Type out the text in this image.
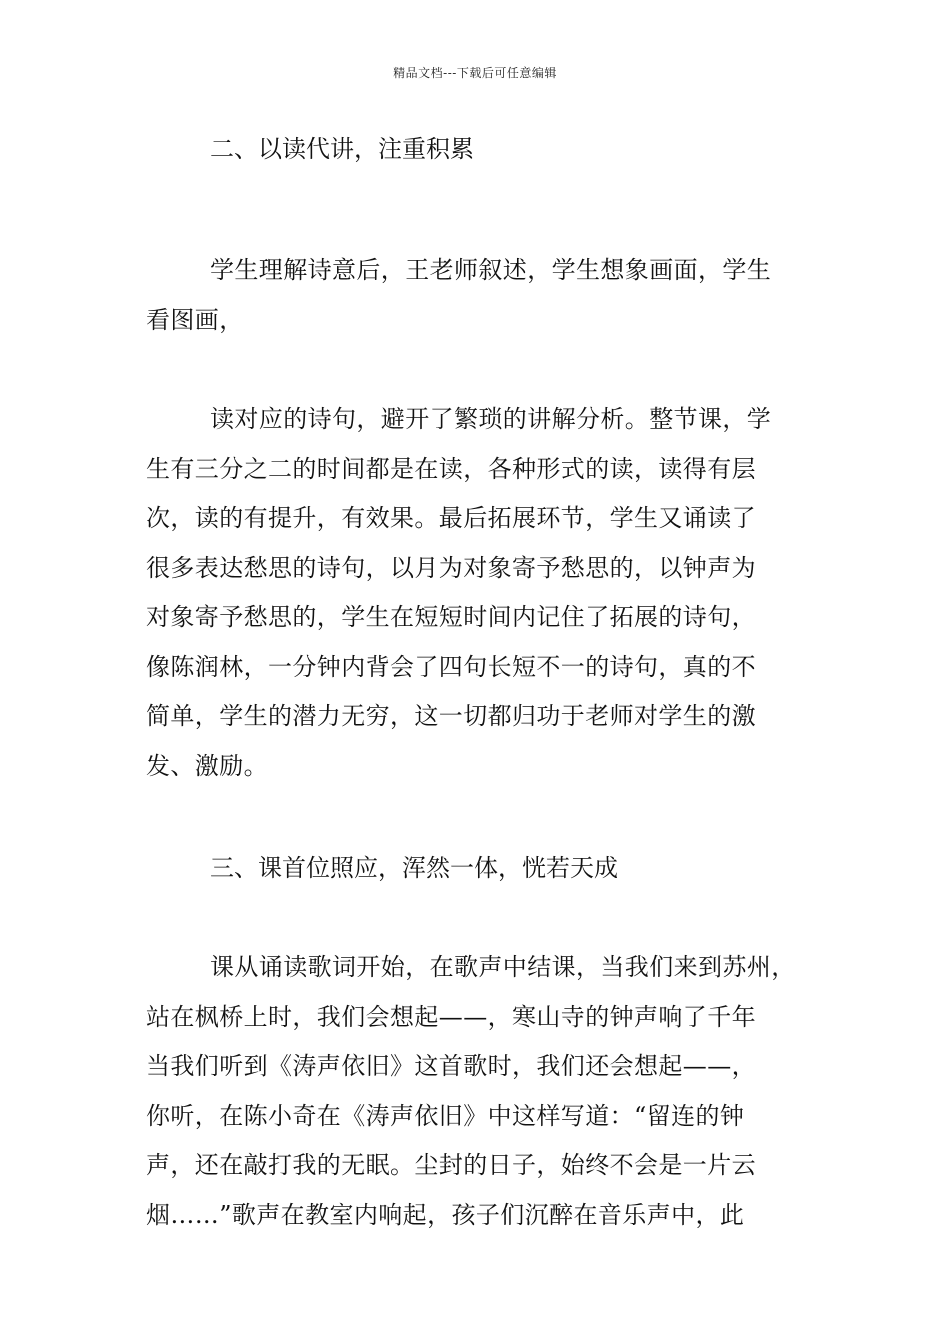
精品文档---下载后可任意编辑

二、以读代讲，注重积累

学生理解诗意后，王老师叙述，学生想象画面，学生
看图画，

读对应的诗句，避开了繁琐的讲解分析。整节课，学
生有三分之二的时间都是在读，各种形式的读，读得有层
次，读的有提升，有效果。最后拓展环节，学生又诵读了
很多表达愁思的诗句，以月为对象寄予愁思的，以钟声为
对象寄予愁思的，学生在短短时间内记住了拓展的诗句，
像陈润林，一分钟内背会了四句长短不一的诗句，真的不
简单，学生的潜力无穷，这一切都归功于老师对学生的激
发、激励。

三、课首位照应，浑然一体，恍若天成

课从诵读歌词开始，在歌声中结课，当我们来到苏州，
站在枫桥上时，我们会想起——，寒山寺的钟声响了千年
当我们听到《涛声依旧》这首歌时，我们还会想起——，
你听，在陈小奇在《涛声依旧》中这样写道：“留连的钟
声，还在敲打我的无眠。尘封的日子，始终不会是一片云
烟……”歌声在教室内响起，孩子们沉醉在音乐声中，此
